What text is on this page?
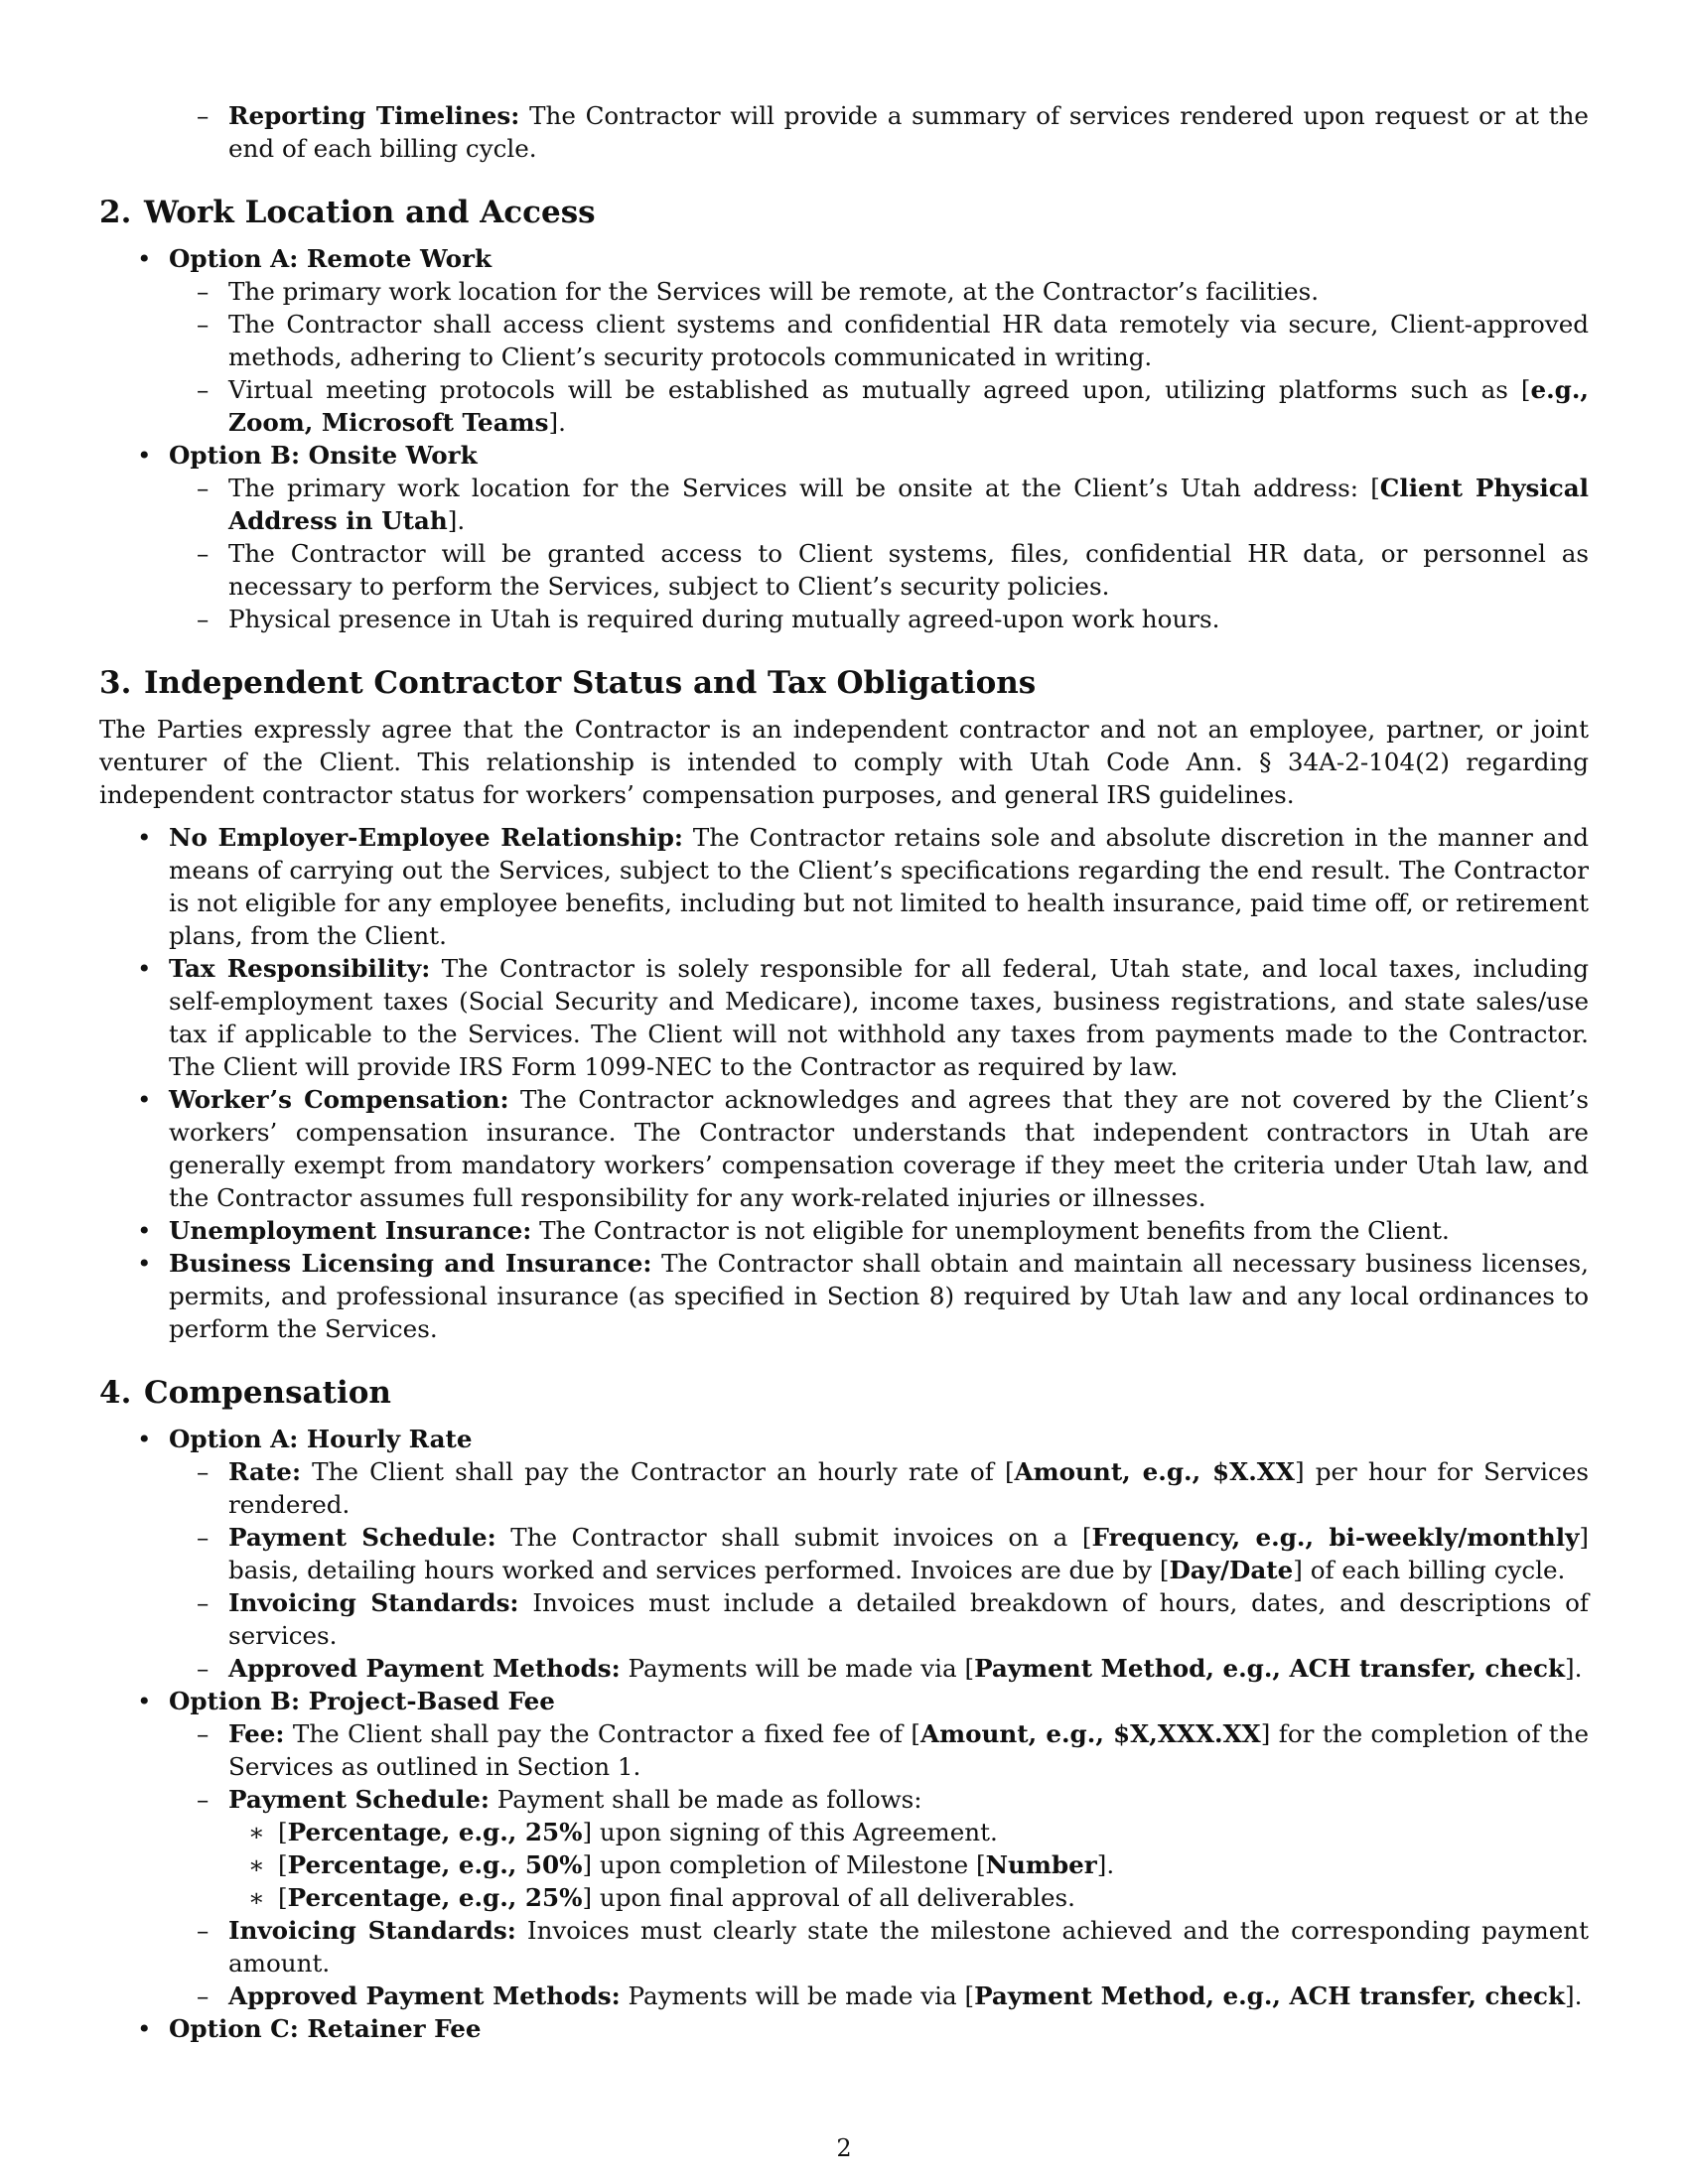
– Reporting Timelines: The Contractor will provide a summary of services rendered upon request or at the end of each billing cycle.
2. Work Location and Access
• Option A: Remote Work
– The primary work location for the Services will be remote, at the Contractor’s facilities.
– The Contractor shall access client systems and confidential HR data remotely via secure, Client-approved methods, adhering to Client’s security protocols communicated in writing.
– Virtual meeting protocols will be established as mutually agreed upon, utilizing platforms such as [e.g., Zoom, Microsoft Teams].
• Option B: Onsite Work
– The primary work location for the Services will be onsite at the Client’s Utah address: [Client Physical Address in Utah].
– The Contractor will be granted access to Client systems, files, confidential HR data, or personnel as necessary to perform the Services, subject to Client’s security policies.
– Physical presence in Utah is required during mutually agreed-upon work hours.
3. Independent Contractor Status and Tax Obligations

The Parties expressly agree that the Contractor is an independent contractor and not an employee, partner, or joint venturer of the Client. This relationship is intended to comply with Utah Code Ann. § 34A-2-104(2) regarding independent contractor status for workers’ compensation purposes, and general IRS guidelines.

• No Employer-Employee Relationship: The Contractor retains sole and absolute discretion in the manner and means of carrying out the Services, subject to the Client’s specifications regarding the end result. The Contractor is not eligible for any employee benefits, including but not limited to health insurance, paid time off, or retirement plans, from the Client.
• Tax Responsibility: The Contractor is solely responsible for all federal, Utah state, and local taxes, including self-employment taxes (Social Security and Medicare), income taxes, business registrations, and state sales/use tax if applicable to the Services. The Client will not withhold any taxes from payments made to the Contractor. The Client will provide IRS Form 1099-NEC to the Contractor as required by law.
• Worker’s Compensation: The Contractor acknowledges and agrees that they are not covered by the Client’s workers’ compensation insurance. The Contractor understands that independent contractors in Utah are generally exempt from mandatory workers’ compensation coverage if they meet the criteria under Utah law, and the Contractor assumes full responsibility for any work-related injuries or illnesses.
• Unemployment Insurance: The Contractor is not eligible for unemployment benefits from the Client.
• Business Licensing and Insurance: The Contractor shall obtain and maintain all necessary business licenses, permits, and professional insurance (as specified in Section 8) required by Utah law and any local ordinances to perform the Services.
4. Compensation
• Option A: Hourly Rate
– Rate: The Client shall pay the Contractor an hourly rate of [Amount, e.g., $X.XX] per hour for Services rendered.
– Payment Schedule: The Contractor shall submit invoices on a [Frequency, e.g., bi-weekly/monthly] basis, detailing hours worked and services performed. Invoices are due by [Day/Date] of each billing cycle.
– Invoicing Standards: Invoices must include a detailed breakdown of hours, dates, and descriptions of services.
– Approved Payment Methods: Payments will be made via [Payment Method, e.g., ACH transfer, check].
• Option B: Project-Based Fee
– Fee: The Client shall pay the Contractor a fixed fee of [Amount, e.g., $X,XXX.XX] for the completion of the Services as outlined in Section 1.
– Payment Schedule: Payment shall be made as follows:
∗ [Percentage, e.g., 25%] upon signing of this Agreement.
∗ [Percentage, e.g., 50%] upon completion of Milestone [Number].
∗ [Percentage, e.g., 25%] upon final approval of all deliverables.
– Invoicing Standards: Invoices must clearly state the milestone achieved and the corresponding payment amount.
– Approved Payment Methods: Payments will be made via [Payment Method, e.g., ACH transfer, check].
• Option C: Retainer Fee
2
